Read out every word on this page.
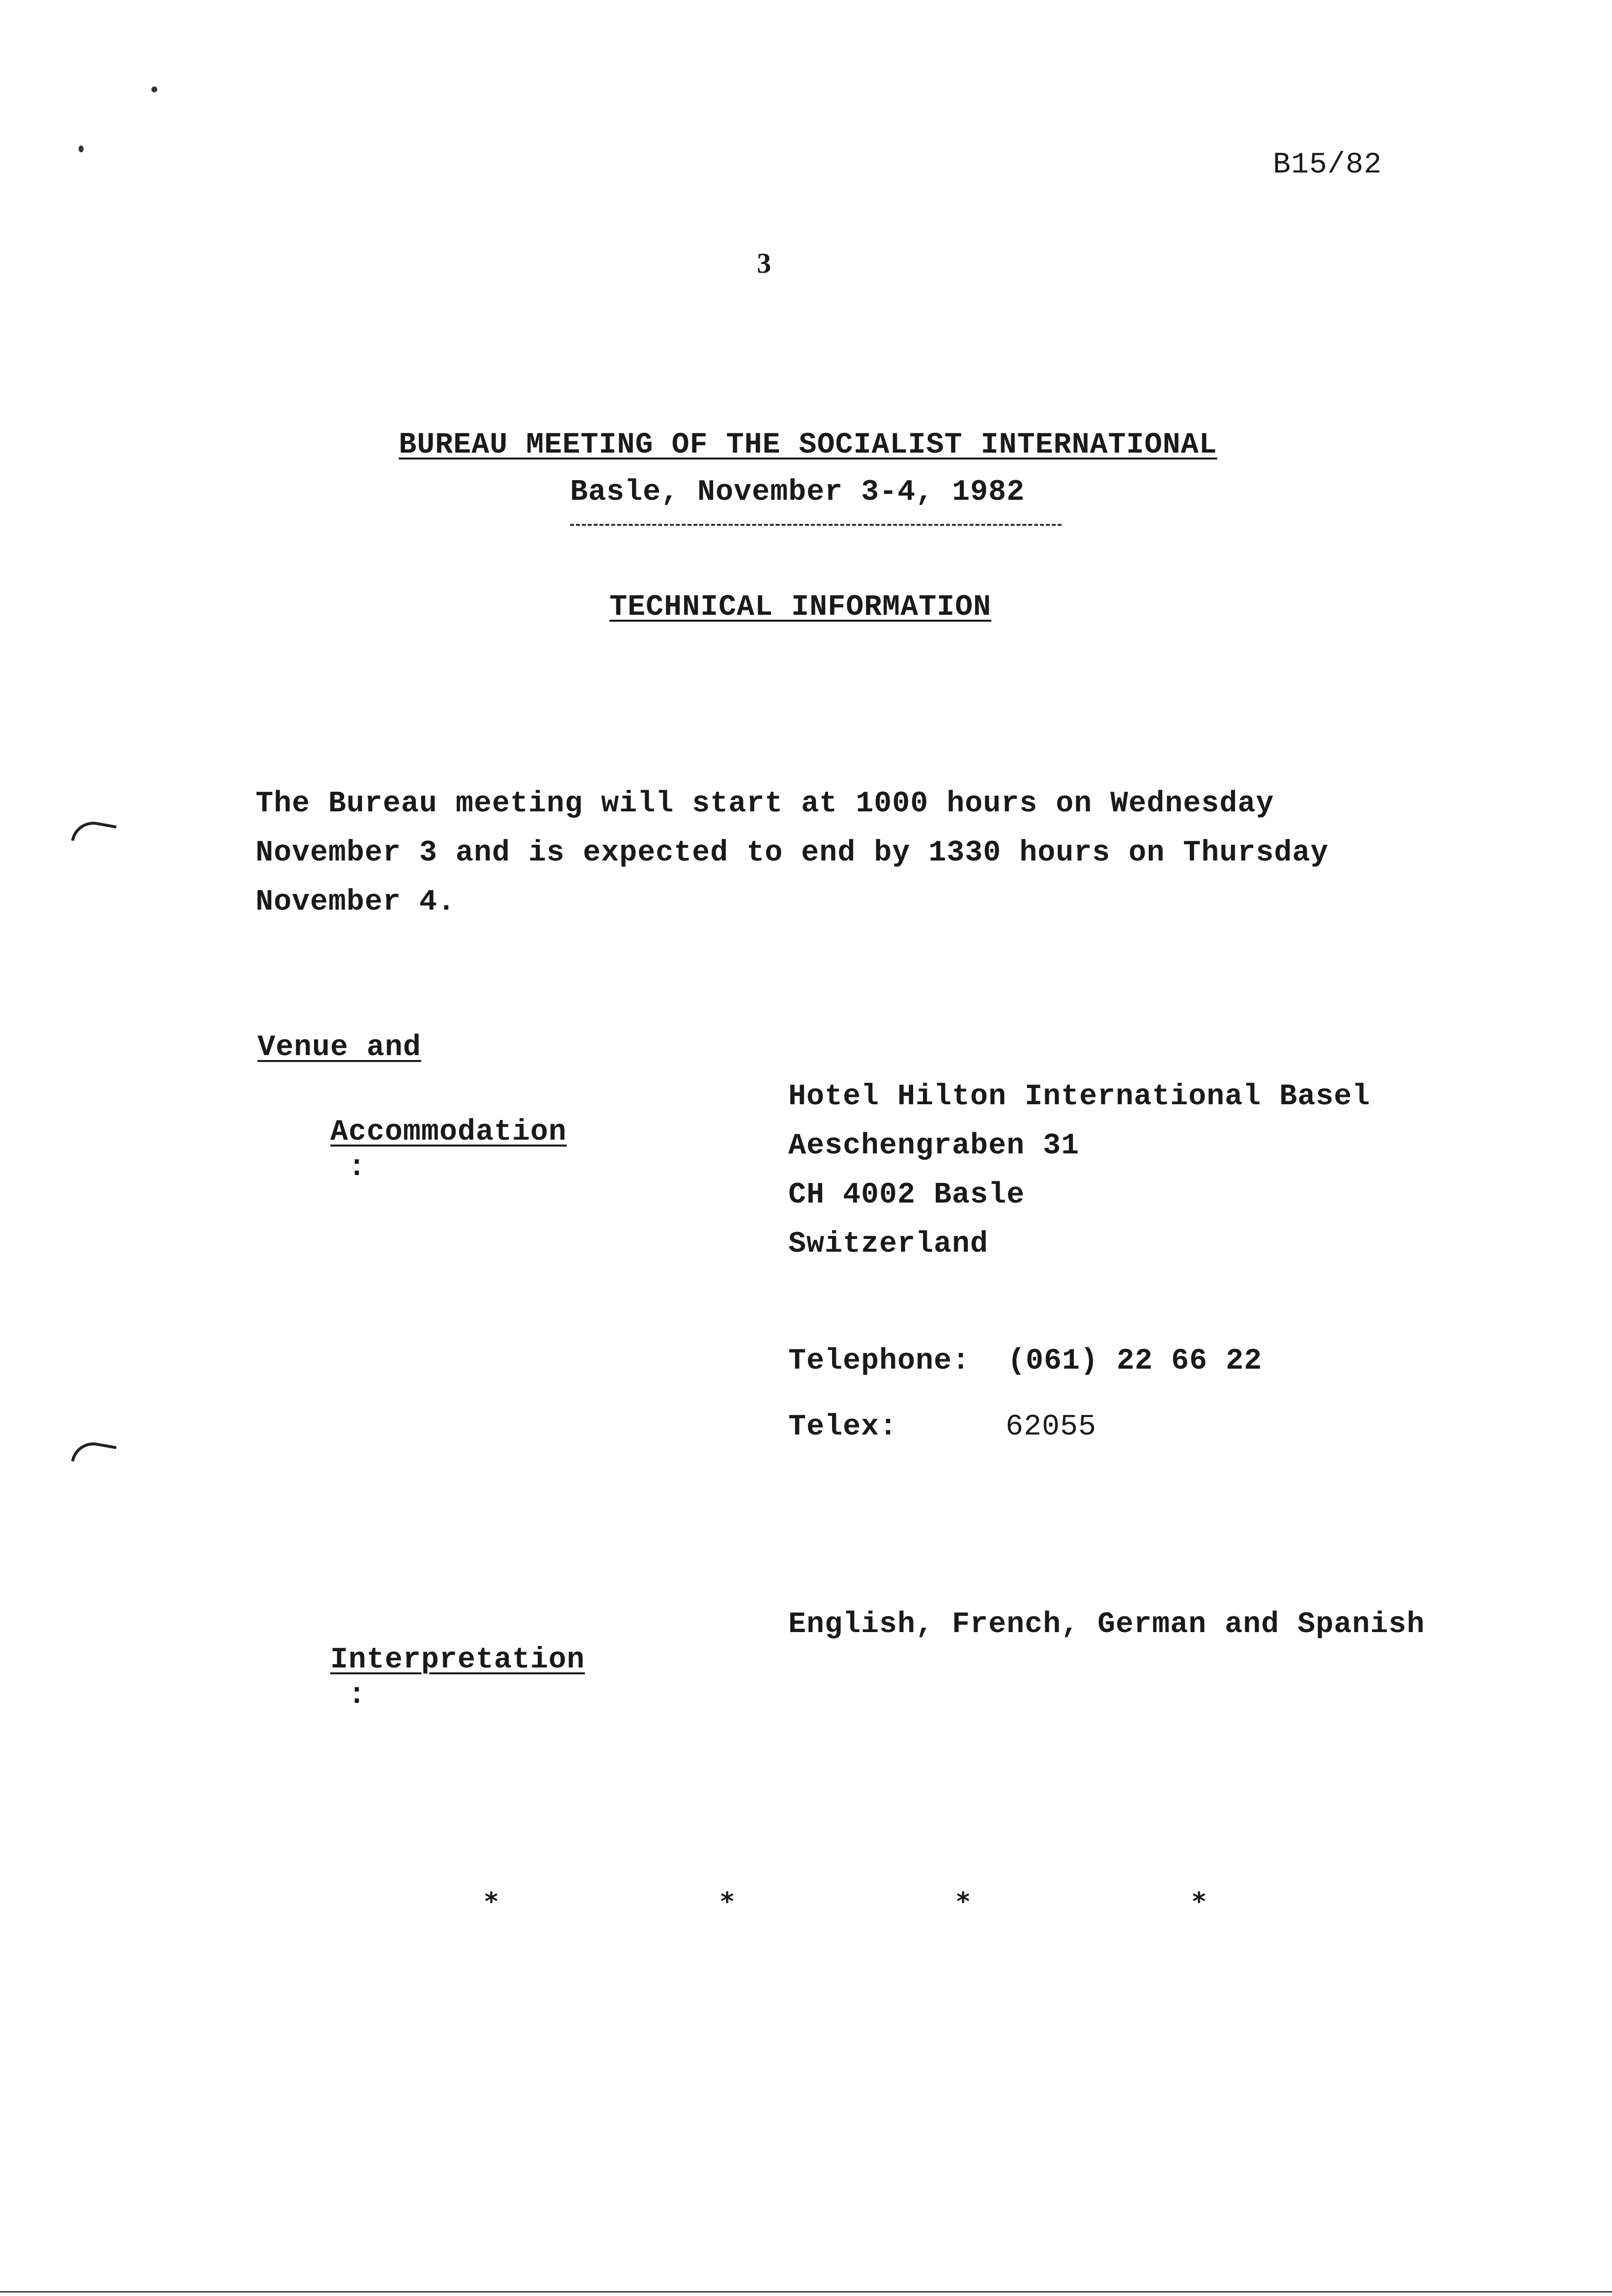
B15/82
3

BUREAU MEETING OF THE SOCIALIST INTERNATIONAL

Basle, November 3-4, 1982
TECHNICAL INFORMATION
The Bureau meeting will start at 1000 hours on Wednesday
November 3 and is expected to end by 1330 hours on Thursday
November 4.
Venue and

Accommodation
:

Hotel Hilton International Basel
Aeschengraben 31
CH 4002 Basle
Switzerland
Telephone: (061) 22 66 22
Telex:	62055

Interpretation
:

English, French, German and Spanish
*	*	*	*
